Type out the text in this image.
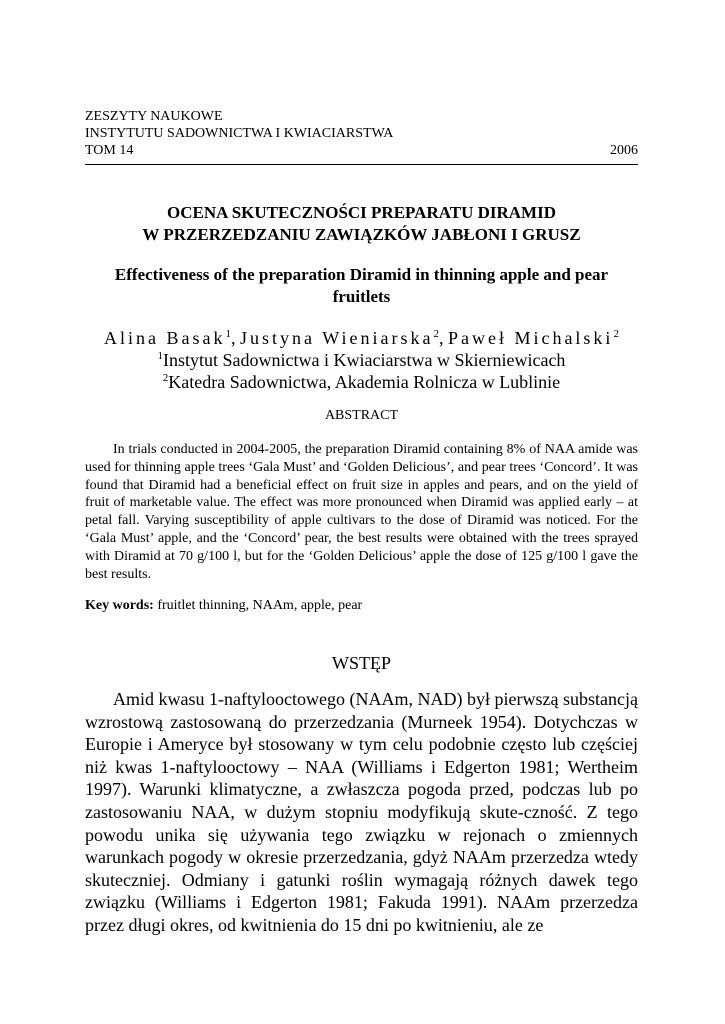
ZESZYTY NAUKOWE
INSTYTUTU SADOWNICTWA I KWIACIARSTWA
TOM 14	2006
OCENA SKUTECZNOŚCI PREPARATU DIRAMID
W PRZERZEDZANIU ZAWIĄZKÓW JABŁONI I GRUSZ
Effectiveness of the preparation Diramid in thinning apple and pear
fruitlets
Alina Basak$^1$, Justyna Wieniarska$^2$, Paweł Michalski$^2$
$^1$Instytut Sadownictwa i Kwiaciarstwa w Skierniewicach
$^2$Katedra Sadownictwa, Akademia Rolnicza w Lublinie
ABSTRACT

In trials conducted in 2004-2005, the preparation Diramid containing 8% of NAA amide was used for thinning apple trees ‘Gala Must’ and ‘Golden Delicious’, and pear trees ‘Concord’. It was found that Diramid had a beneficial effect on fruit size in apples and pears, and on the yield of fruit of marketable value. The effect was more pronounced when Diramid was applied early – at petal fall. Varying susceptibility of apple cultivars to the dose of Diramid was noticed. For the ‘Gala Must’ apple, and the ‘Concord’ pear, the best results were obtained with the trees sprayed with Diramid at 70 g/100 l, but for the ‘Golden Delicious’ apple the dose of 125 g/100 l gave the best results.

Key words: fruitlet thinning, NAAm, apple, pear

WSTĘP

Amid kwasu 1-naftylooctowego (NAAm, NAD) był pierwszą substancją wzrostową zastosowaną do przerzedzania (Murneek 1954). Dotychczas w Europie i Ameryce był stosowany w tym celu podobnie często lub częściej niż kwas 1-naftylooctowy – NAA (Williams i Edgerton 1981; Wertheim 1997). Warunki klimatyczne, a zwłaszcza pogoda przed, podczas lub po zastosowaniu NAA, w dużym stopniu modyfikują skute-czność. Z tego powodu unika się używania tego związku w rejonach o zmiennych warunkach pogody w okresie przerzedzania, gdyż NAAm przerzedza wtedy skuteczniej. Odmiany i gatunki roślin wymagają różnych dawek tego związku (Williams i Edgerton 1981; Fakuda 1991). NAAm przerzedza przez długi okres, od kwitnienia do 15 dni po kwitnieniu, ale ze
